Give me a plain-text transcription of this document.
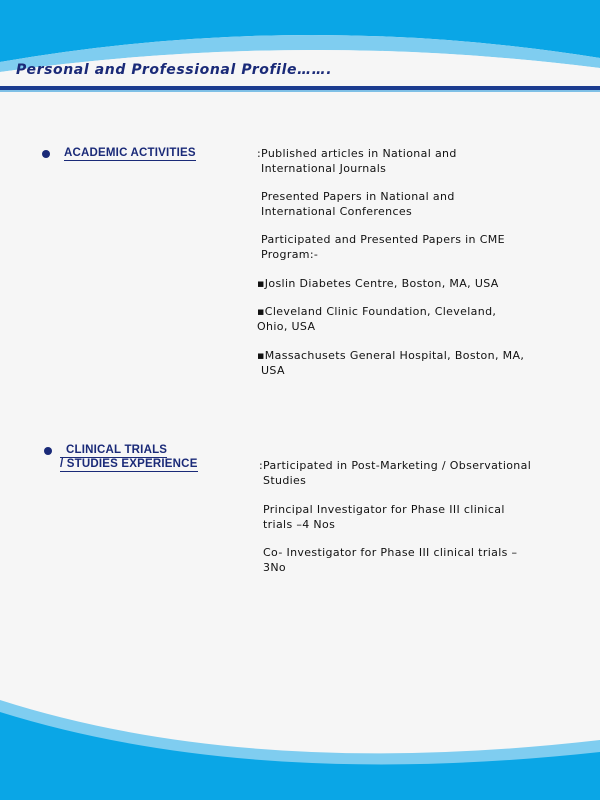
Personal and Professional Profile…….
ACADEMIC ACTIVITIES	:Published articles in National and
International Journals
Presented Papers in National and
International Conferences
Participated and Presented Papers in CME
Program:-
▪Joslin Diabetes Centre, Boston, MA, USA
▪Cleveland Clinic Foundation, Cleveland,
Ohio, USA
▪Massachusets General Hospital, Boston, MA,
USA
CLINICAL TRIALS
/ STUDIES EXPERIENCE	:Participated in Post-Marketing / Observational
Studies
Principal Investigator for Phase III clinical
trials –4 Nos
Co- Investigator for Phase III clinical trials –
3No
